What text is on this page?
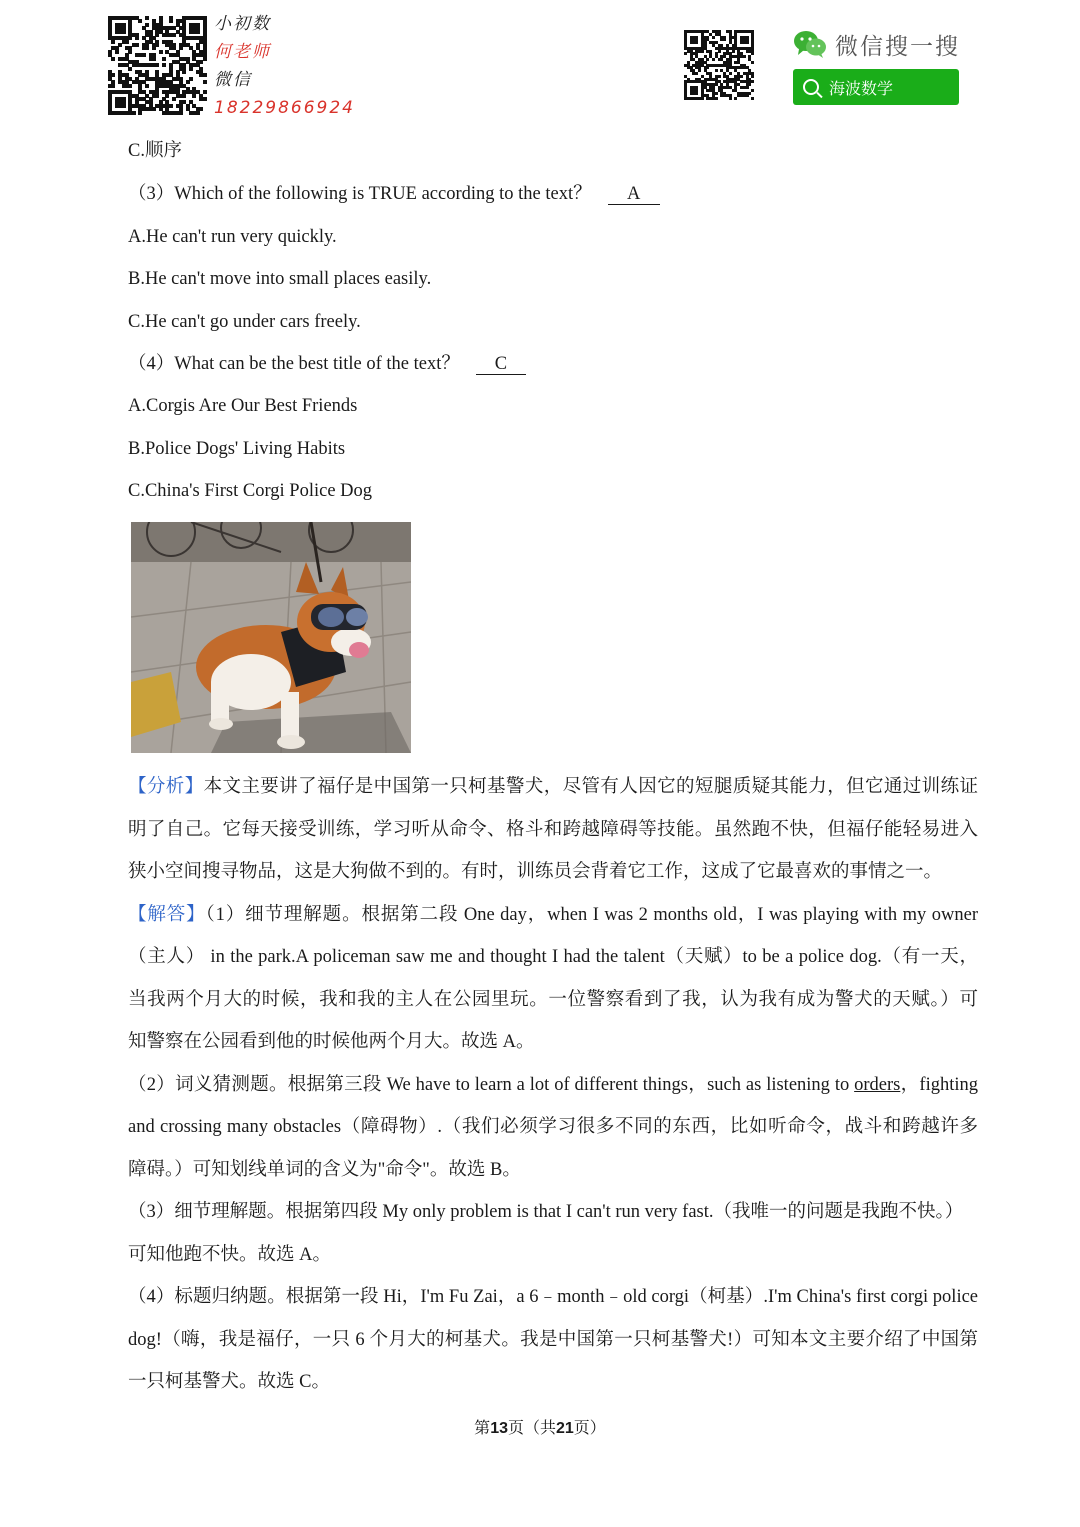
小初数
何老师
微信
18229866924
微信搜一搜
海波数学
C.顺序
（3）Which of the following is TRUE according to the text？ A
A.He can't run very quickly.
B.He can't move into small places easily.
C.He can't go under cars freely.
（4）What can be the best title of the text？ C
A.Corgis Are Our Best Friends
B.Police Dogs' Living Habits
C.China's First Corgi Police Dog
【分析】本文主要讲了福仔是中国第一只柯基警犬，尽管有人因它的短腿质疑其能力，但它通过训练证
明了自己。它每天接受训练，学习听从命令、格斗和跨越障碍等技能。虽然跑不快，但福仔能轻易进入
狭小空间搜寻物品，这是大狗做不到的。有时，训练员会背着它工作，这成了它最喜欢的事情之一。
【解答】（1）细节理解题。根据第二段 One day，when I was 2 months old，I was playing with my owner
（主人） in the park.A policeman saw me and thought I had the talent（天赋）to be a police dog.（有一天，
当我两个月大的时候，我和我的主人在公园里玩。一位警察看到了我，认为我有成为警犬的天赋。）可
知警察在公园看到他的时候他两个月大。故选 A。
（2）词义猜测题。根据第三段 We have to learn a lot of different things，such as listening to orders，fighting
and crossing many obstacles（障碍物）.（我们必须学习很多不同的东西，比如听命令，战斗和跨越许多
障碍。）可知划线单词的含义为"命令"。故选 B。
（3）细节理解题。根据第四段 My only problem is that I can't run very fast.（我唯一的问题是我跑不快。）
可知他跑不快。故选 A。
（4）标题归纳题。根据第一段 Hi，I'm Fu Zai，a 6﹣month﹣old corgi（柯基）.I'm China's first corgi police
dog!（嗨，我是福仔，一只 6 个月大的柯基犬。我是中国第一只柯基警犬!）可知本文主要介绍了中国第
一只柯基警犬。故选 C。
第13页（共21页）
